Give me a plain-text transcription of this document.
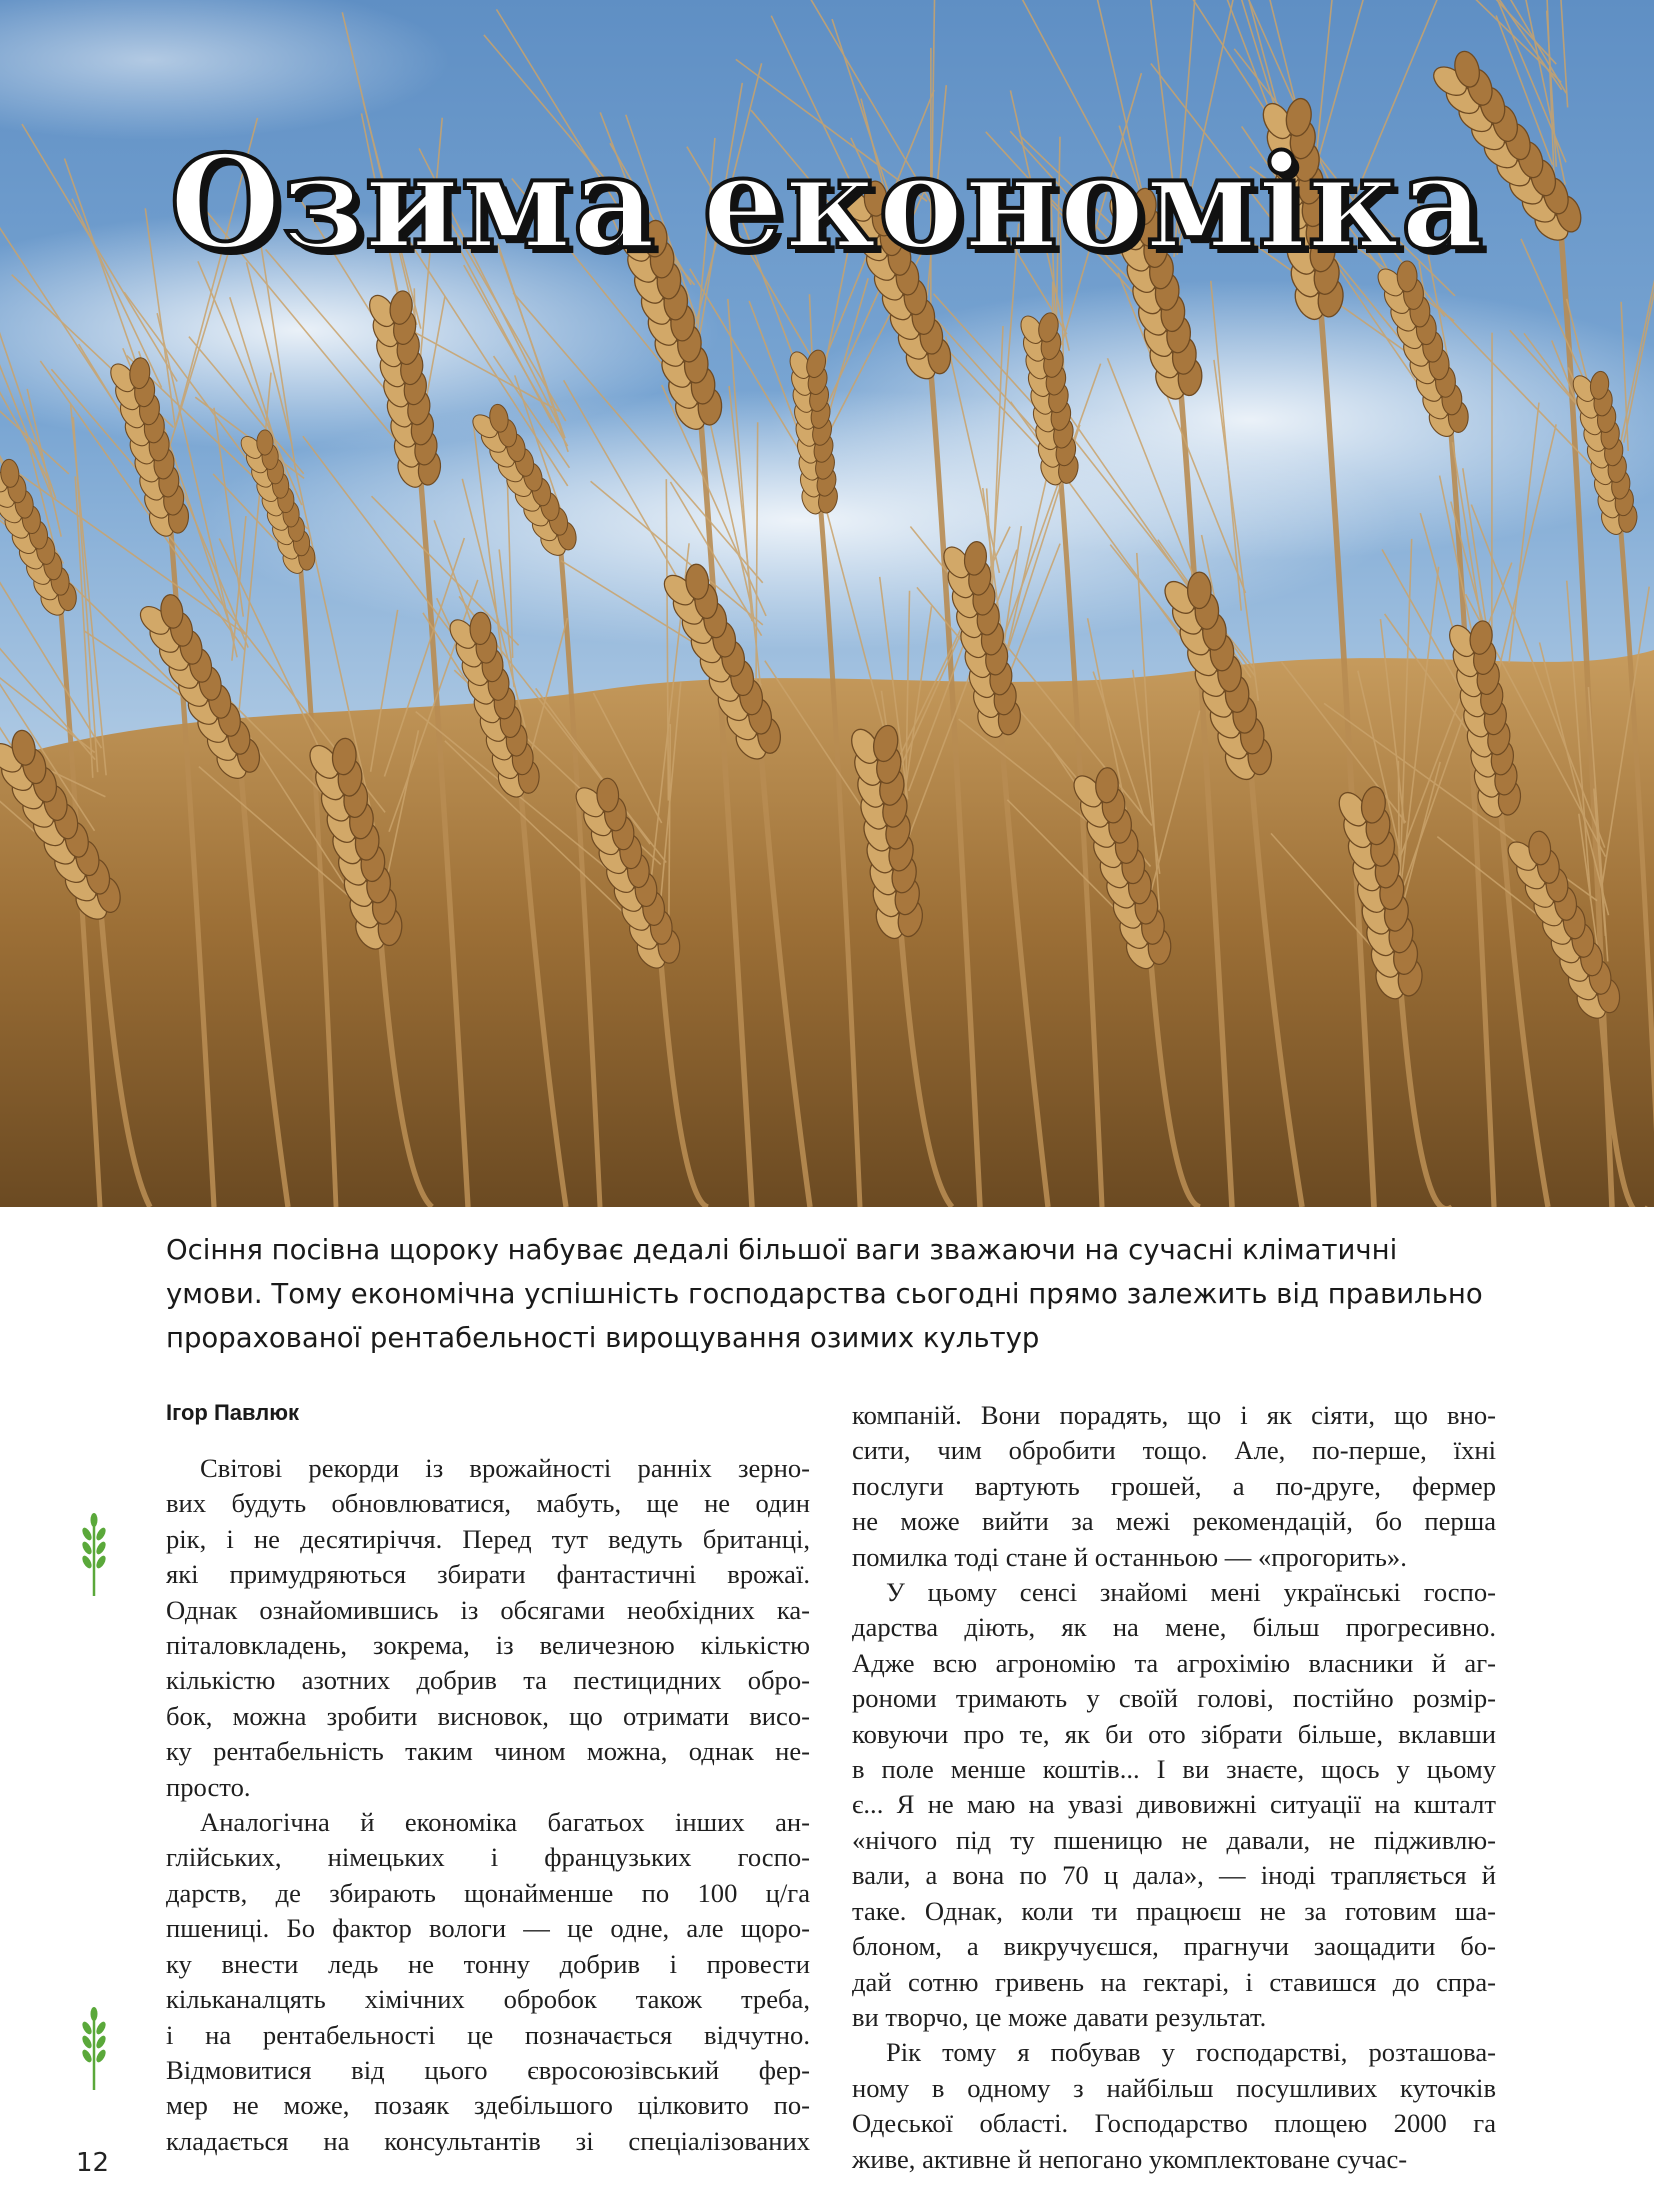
Озима економіка
Осіння посівна щороку набуває дедалі більшої ваги зважаючи на сучасні кліматичні
умови. Тому економічна успішність господарства сьогодні прямо залежить від правильно
прорахованої рентабельності вирощування озимих культур

Ігор Павлюк

Світові рекорди із врожайності ранніх зерно-
вих будуть обновлюватися, мабуть, ще не один
рік, і не десятиріччя. Перед тут ведуть британці,
які примудряються збирати фантастичні врожаї.
Однак ознайомившись із обсягами необхідних ка-
піталовкладень, зокрема, із величезною кількістю
кількістю азотних добрив та пестицидних обро-
бок, можна зробити висновок, що отримати висо-
ку рентабельність таким чином можна, однак не-
просто.

Аналогічна й економіка багатьох інших ан-
глійських, німецьких і французьких госпо-
дарств, де збирають щонайменше по 100 ц/га
пшениці. Бо фактор вологи — це одне, але щоро-
ку внести ледь не тонну добрив і провести
кільканалцять хімічних обробок також треба,
і на рентабельності це позначається відчутно.
Відмовитися від цього євросоюзівський фер-
мер не може, позаяк здебільшого цілковито по-
кладається на консультантів зі спеціалізованих

компаній. Вони порадять, що і як сіяти, що вно-
сити, чим обробити тощо. Але, по-перше, їхні
послуги вартують грошей, а по-друге, фермер
не може вийти за межі рекомендацій, бо перша
помилка тоді стане й останньою — «прогорить».

У цьому сенсі знайомі мені українські госпо-
дарства діють, як на мене, більш прогресивно.
Адже всю агрономію та агрохімію власники й аг-
рономи тримають у своїй голові, постійно розмір-
ковуючи про те, як би ото зібрати більше, вклавши
в поле менше коштів... І ви знаєте, щось у цьому
є... Я не маю на увазі дивовижні ситуації на кшталт
«нічого під ту пшеницю не давали, не підживлю-
вали, а вона по 70 ц дала», — іноді трапляється й
таке. Однак, коли ти працюєш не за готовим ша-
блоном, а викручуєшся, прагнучи заощадити бо-
дай сотню гривень на гектарі, і ставишся до спра-
ви творчо, це може давати результат.

Рік тому я побував у господарстві, розташова-
ному в одному з найбільш посушливих куточків
Одеської області. Господарство площею 2000 га
живе, активне й непогано укомплектоване сучас-

12
